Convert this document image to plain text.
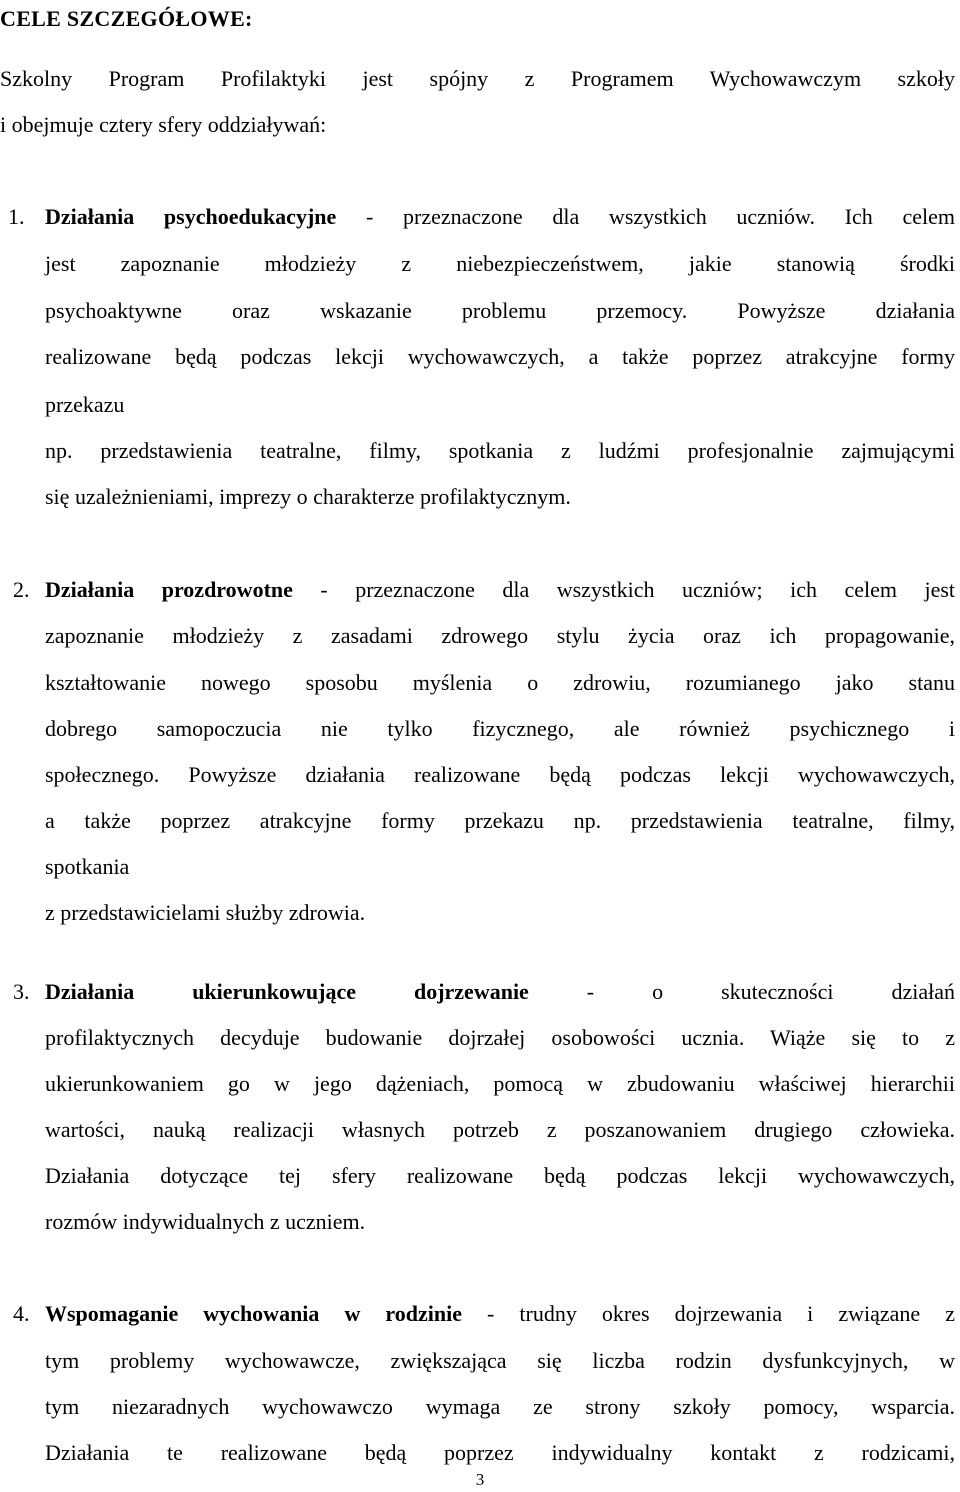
CELE SZCZEGÓŁOWE:
Szkolny Program Profilaktyki jest spójny z Programem Wychowawczym szkoły
i obejmuje cztery sfery oddziaływań:
1. Działania psychoedukacyjne - przeznaczone dla wszystkich uczniów. Ich celem
jest zapoznanie młodzieży z niebezpieczeństwem, jakie stanowią środki
psychoaktywne oraz wskazanie problemu przemocy. Powyższe działania
realizowane będą podczas lekcji wychowawczych, a także poprzez atrakcyjne formy
przekazu
np. przedstawienia teatralne, filmy, spotkania z ludźmi profesjonalnie zajmującymi
się uzależnieniami, imprezy o charakterze profilaktycznym.
2. Działania prozdrowotne - przeznaczone dla wszystkich uczniów; ich celem jest
zapoznanie młodzieży z zasadami zdrowego stylu życia oraz ich propagowanie,
kształtowanie nowego sposobu myślenia o zdrowiu, rozumianego jako stanu
dobrego samopoczucia nie tylko fizycznego, ale również psychicznego i
społecznego. Powyższe działania realizowane będą podczas lekcji wychowawczych,
a także poprzez atrakcyjne formy przekazu np. przedstawienia teatralne, filmy,
spotkania
z przedstawicielami służby zdrowia.
3. Działania ukierunkowujące dojrzewanie - o skuteczności działań
profilaktycznych decyduje budowanie dojrzałej osobowości ucznia. Wiąże się to z
ukierunkowaniem go w jego dążeniach, pomocą w zbudowaniu właściwej hierarchii
wartości, nauką realizacji własnych potrzeb z poszanowaniem drugiego człowieka.
Działania dotyczące tej sfery realizowane będą podczas lekcji wychowawczych,
rozmów indywidualnych z uczniem.
4. Wspomaganie wychowania w rodzinie - trudny okres dojrzewania i związane z
tym problemy wychowawcze, zwiększająca się liczba rodzin dysfunkcyjnych, w
tym niezaradnych wychowawczo wymaga ze strony szkoły pomocy, wsparcia.
Działania te realizowane będą poprzez indywidualny kontakt z rodzicami,
3
